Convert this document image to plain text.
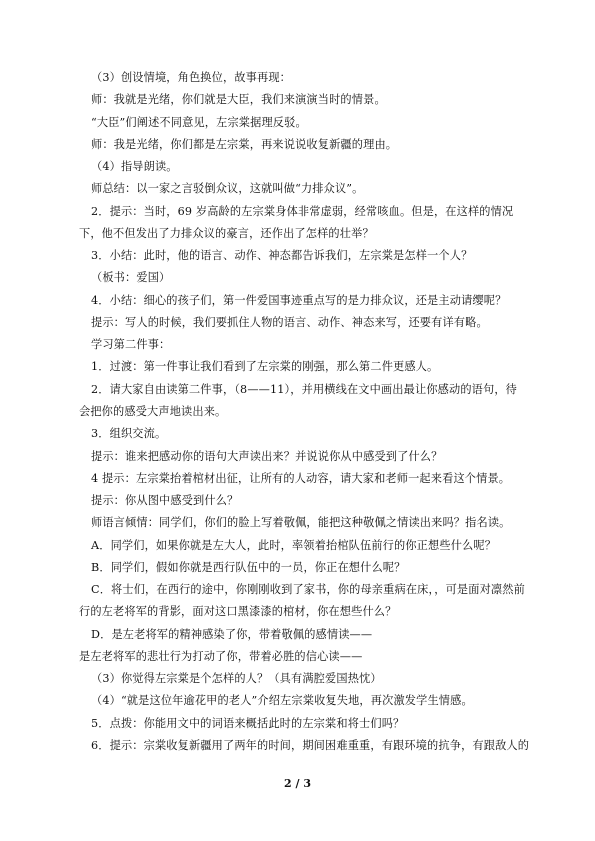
（3）创设情境，角色换位，故事再现：
师：我就是光绪，你们就是大臣，我们来演演当时的情景。
“大臣”们阐述不同意见，左宗棠据理反驳。
师：我是光绪，你们都是左宗棠，再来说说收复新疆的理由。
（4）指导朗读。
师总结：以一家之言驳倒众议，这就叫做“力排众议”。
2．提示：当时，69 岁高龄的左宗棠身体非常虚弱，经常咳血。但是，在这样的情况
下，他不但发出了力排众议的豪言，还作出了怎样的壮举？
3．小结：此时，他的语言、动作、神态都告诉我们，左宗棠是怎样一个人？
（板书：爱国）
4．小结：细心的孩子们，第一件爱国事迹重点写的是力排众议，还是主动请缨呢？
提示：写人的时候，我们要抓住人物的语言、动作、神态来写，还要有详有略。
学习第二件事：
1．过渡：第一件事让我们看到了左宗棠的刚强，那么第二件更感人。
2．请大家自由读第二件事，（8——11），并用横线在文中画出最让你感动的语句，待
会把你的感受大声地读出来。
3．组织交流。
提示：谁来把感动你的语句大声读出来？并说说你从中感受到了什么？
4 提示：左宗棠抬着棺材出征，让所有的人动容，请大家和老师一起来看这个情景。
提示：你从图中感受到什么？
师语言倾情：同学们，你们的脸上写着敬佩，能把这种敬佩之情读出来吗？指名读。
A．同学们，如果你就是左大人，此时，率领着抬棺队伍前行的你正想些什么呢？
B．同学们，假如你就是西行队伍中的一员，你正在想什么呢？
C．将士们，在西行的途中，你刚刚收到了家书，你的母亲重病在床，，可是面对凛然前
行的左老将军的背影，面对这口黑漆漆的棺材，你在想些什么？
D．是左老将军的精神感染了你，带着敬佩的感情读——
是左老将军的悲壮行为打动了你，带着必胜的信心读——
（3）你觉得左宗棠是个怎样的人？（具有满腔爱国热忱）
（4）“就是这位年逾花甲的老人”介绍左宗棠收复失地，再次激发学生情感。
5．点拨：你能用文中的词语来概括此时的左宗棠和将士们吗？
6．提示：宗棠收复新疆用了两年的时间，期间困难重重，有跟环境的抗争，有跟敌人的
2 / 3
